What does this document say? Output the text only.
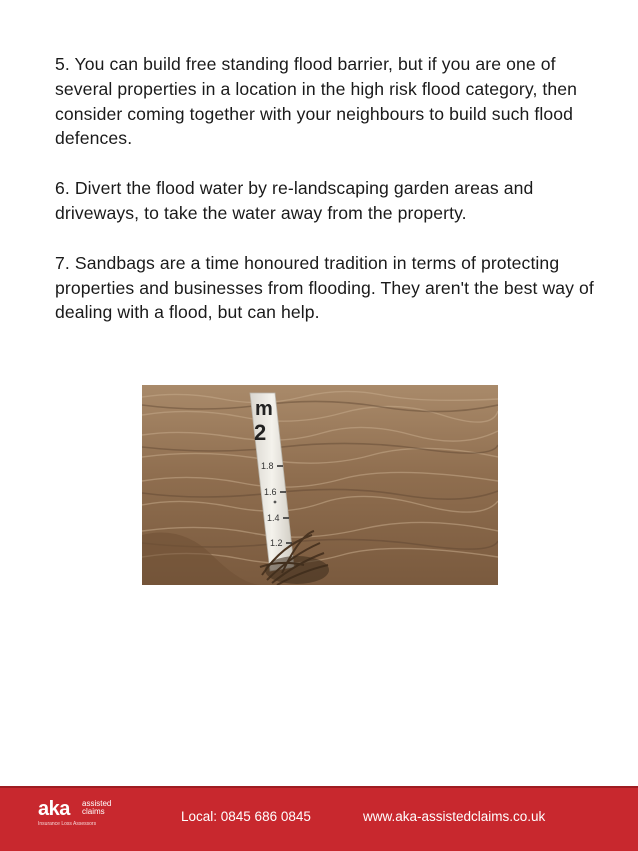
5. You can build free standing flood barrier, but if you are one of several properties in a location in the high risk flood category, then consider coming together with your neighbours to build such flood defences.

6. Divert the flood water by re-landscaping garden areas and driveways, to take the water away from the property.

7. Sandbags are a time honoured tradition in terms of protecting properties and businesses from flooding. They aren't the best way of dealing with a flood, but can help.

m
2
1.8
1.6
1.4
1.2
aka assisted
claims
Insurance Loss Assessors	Local: 0845 686 0845	www.aka-assistedclaims.co.uk
